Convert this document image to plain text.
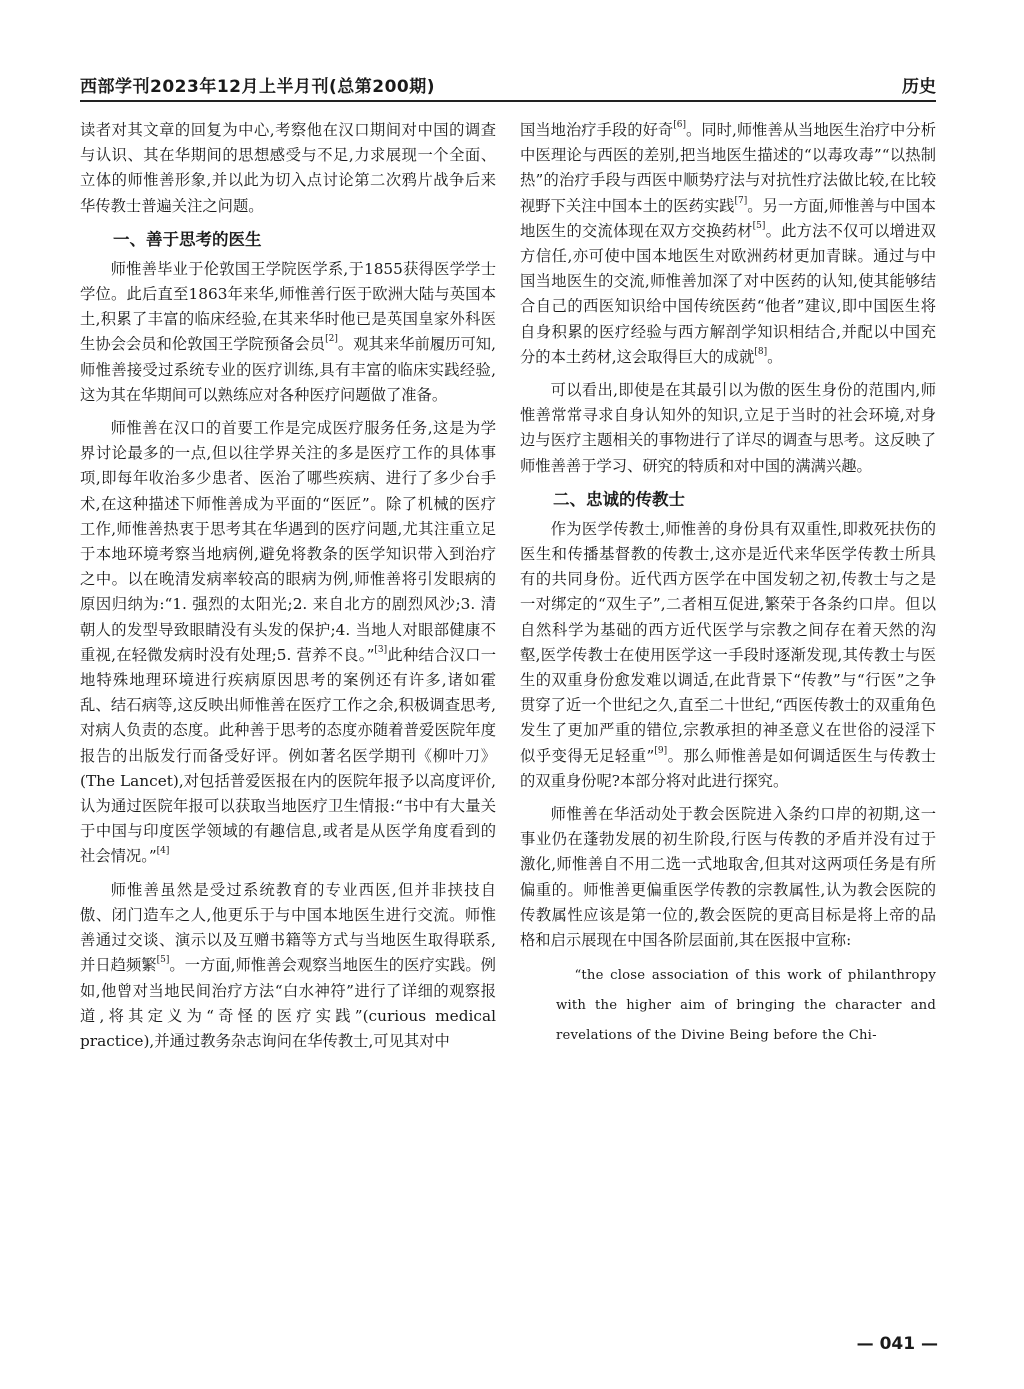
西部学刊2023年12月上半月刊(总第200期)	历史

读者对其文章的回复为中心,考察他在汉口期间对中国的调查与认识、其在华期间的思想感受与不足,力求展现一个全面、立体的师惟善形象,并以此为切入点讨论第二次鸦片战争后来华传教士普遍关注之问题。

一、善于思考的医生

师惟善毕业于伦敦国王学院医学系,于1855获得医学学士学位。此后直至1863年来华,师惟善行医于欧洲大陆与英国本土,积累了丰富的临床经验,在其来华时他已是英国皇家外科医生协会会员和伦敦国王学院预备会员[2]。观其来华前履历可知,师惟善接受过系统专业的医疗训练,具有丰富的临床实践经验,这为其在华期间可以熟练应对各种医疗问题做了准备。

师惟善在汉口的首要工作是完成医疗服务任务,这是为学界讨论最多的一点,但以往学界关注的多是医疗工作的具体事项,即每年收治多少患者、医治了哪些疾病、进行了多少台手术,在这种描述下师惟善成为平面的“医匠”。除了机械的医疗工作,师惟善热衷于思考其在华遇到的医疗问题,尤其注重立足于本地环境考察当地病例,避免将教条的医学知识带入到治疗之中。以在晚清发病率较高的眼病为例,师惟善将引发眼病的原因归纳为:“1. 强烈的太阳光;2. 来自北方的剧烈风沙;3. 清朝人的发型导致眼睛没有头发的保护;4. 当地人对眼部健康不重视,在轻微发病时没有处理;5. 营养不良。”[3]此种结合汉口一地特殊地理环境进行疾病原因思考的案例还有许多,诸如霍乱、结石病等,这反映出师惟善在医疗工作之余,积极调查思考,对病人负责的态度。此种善于思考的态度亦随着普爱医院年度报告的出版发行而备受好评。例如著名医学期刊《柳叶刀》(The Lancet),对包括普爱医报在内的医院年报予以高度评价,认为通过医院年报可以获取当地医疗卫生情报:“书中有大量关于中国与印度医学领域的有趣信息,或者是从医学角度看到的社会情况。”[4]

师惟善虽然是受过系统教育的专业西医,但并非挟技自傲、闭门造车之人,他更乐于与中国本地医生进行交流。师惟善通过交谈、演示以及互赠书籍等方式与当地医生取得联系,并日趋频繁[5]。一方面,师惟善会观察当地医生的医疗实践。例如,他曾对当地民间治疗方法“白水神符”进行了详细的观察报道,将其定义为“奇怪的医疗实践”(curious medical practice),并通过教务杂志询问在华传教士,可见其对中

国当地治疗手段的好奇[6]。同时,师惟善从当地医生治疗中分析中医理论与西医的差别,把当地医生描述的“以毒攻毒”“以热制热”的治疗手段与西医中顺势疗法与对抗性疗法做比较,在比较视野下关注中国本土的医药实践[7]。另一方面,师惟善与中国本地医生的交流体现在双方交换药材[5]。此方法不仅可以增进双方信任,亦可使中国本地医生对欧洲药材更加青睐。通过与中国当地医生的交流,师惟善加深了对中医药的认知,使其能够结合自己的西医知识给中国传统医药“他者”建议,即中国医生将自身积累的医疗经验与西方解剖学知识相结合,并配以中国充分的本土药材,这会取得巨大的成就[8]。

可以看出,即使是在其最引以为傲的医生身份的范围内,师惟善常常寻求自身认知外的知识,立足于当时的社会环境,对身边与医疗主题相关的事物进行了详尽的调查与思考。这反映了师惟善善于学习、研究的特质和对中国的满满兴趣。

二、忠诚的传教士

作为医学传教士,师惟善的身份具有双重性,即救死扶伤的医生和传播基督教的传教士,这亦是近代来华医学传教士所具有的共同身份。近代西方医学在中国发轫之初,传教士与之是一对绑定的“双生子”,二者相互促进,繁荣于各条约口岸。但以自然科学为基础的西方近代医学与宗教之间存在着天然的沟壑,医学传教士在使用医学这一手段时逐渐发现,其传教士与医生的双重身份愈发难以调适,在此背景下“传教”与“行医”之争贯穿了近一个世纪之久,直至二十世纪,“西医传教士的双重角色发生了更加严重的错位,宗教承担的神圣意义在世俗的浸淫下似乎变得无足轻重”[9]。那么师惟善是如何调适医生与传教士的双重身份呢?本部分将对此进行探究。

师惟善在华活动处于教会医院进入条约口岸的初期,这一事业仍在蓬勃发展的初生阶段,行医与传教的矛盾并没有过于激化,师惟善自不用二选一式地取舍,但其对这两项任务是有所偏重的。师惟善更偏重医学传教的宗教属性,认为教会医院的传教属性应该是第一位的,教会医院的更高目标是将上帝的品格和启示展现在中国各阶层面前,其在医报中宣称:

“the close association of this work of philanthropy with the higher aim of bringing the character and revelations of the Divine Being before the Chi-

— 041 —
